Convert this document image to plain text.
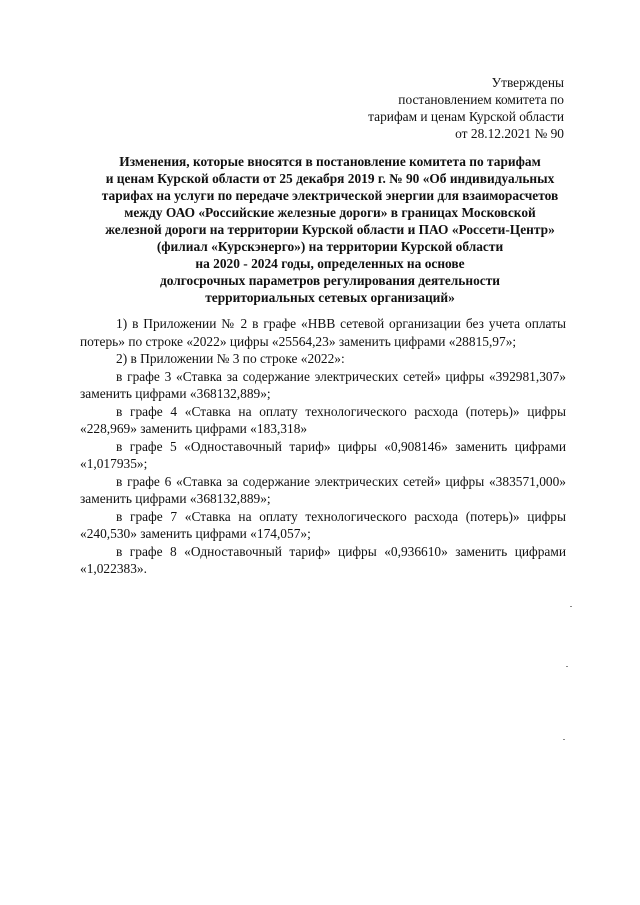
Утверждены
постановлением комитета по
тарифам и ценам Курской области
от 28.12.2021 № 90
Изменения, которые вносятся в постановление комитета по тарифам
и ценам Курской области от 25 декабря 2019 г. № 90 «Об индивидуальных
тарифах на услуги по передаче электрической энергии для взаиморасчетов
между ОАО «Российские железные дороги» в границах Московской
железной дороги на территории Курской области и ПАО «Россети-Центр»
(филиал «Курскэнерго») на территории Курской области
на 2020 - 2024 годы, определенных на основе
долгосрочных параметров регулирования деятельности
территориальных сетевых организаций»

1) в Приложении № 2 в графе «НВВ сетевой организации без учета оплаты потерь» по строке «2022» цифры «25564,23» заменить цифрами «28815,97»;

2) в Приложении № 3 по строке «2022»:

в графе 3 «Ставка за содержание электрических сетей» цифры «392981,307» заменить цифрами «368132,889»;

в графе 4 «Ставка на оплату технологического расхода (потерь)» цифры «228,969» заменить цифрами «183,318»

в графе 5 «Одноставочный тариф» цифры «0,908146» заменить цифрами «1,017935»;

в графе 6 «Ставка за содержание электрических сетей» цифры «383571,000» заменить цифрами «368132,889»;

в графе 7 «Ставка на оплату технологического расхода (потерь)» цифры «240,530» заменить цифрами «174,057»;

в графе 8 «Одноставочный тариф» цифры «0,936610» заменить цифрами «1,022383».
